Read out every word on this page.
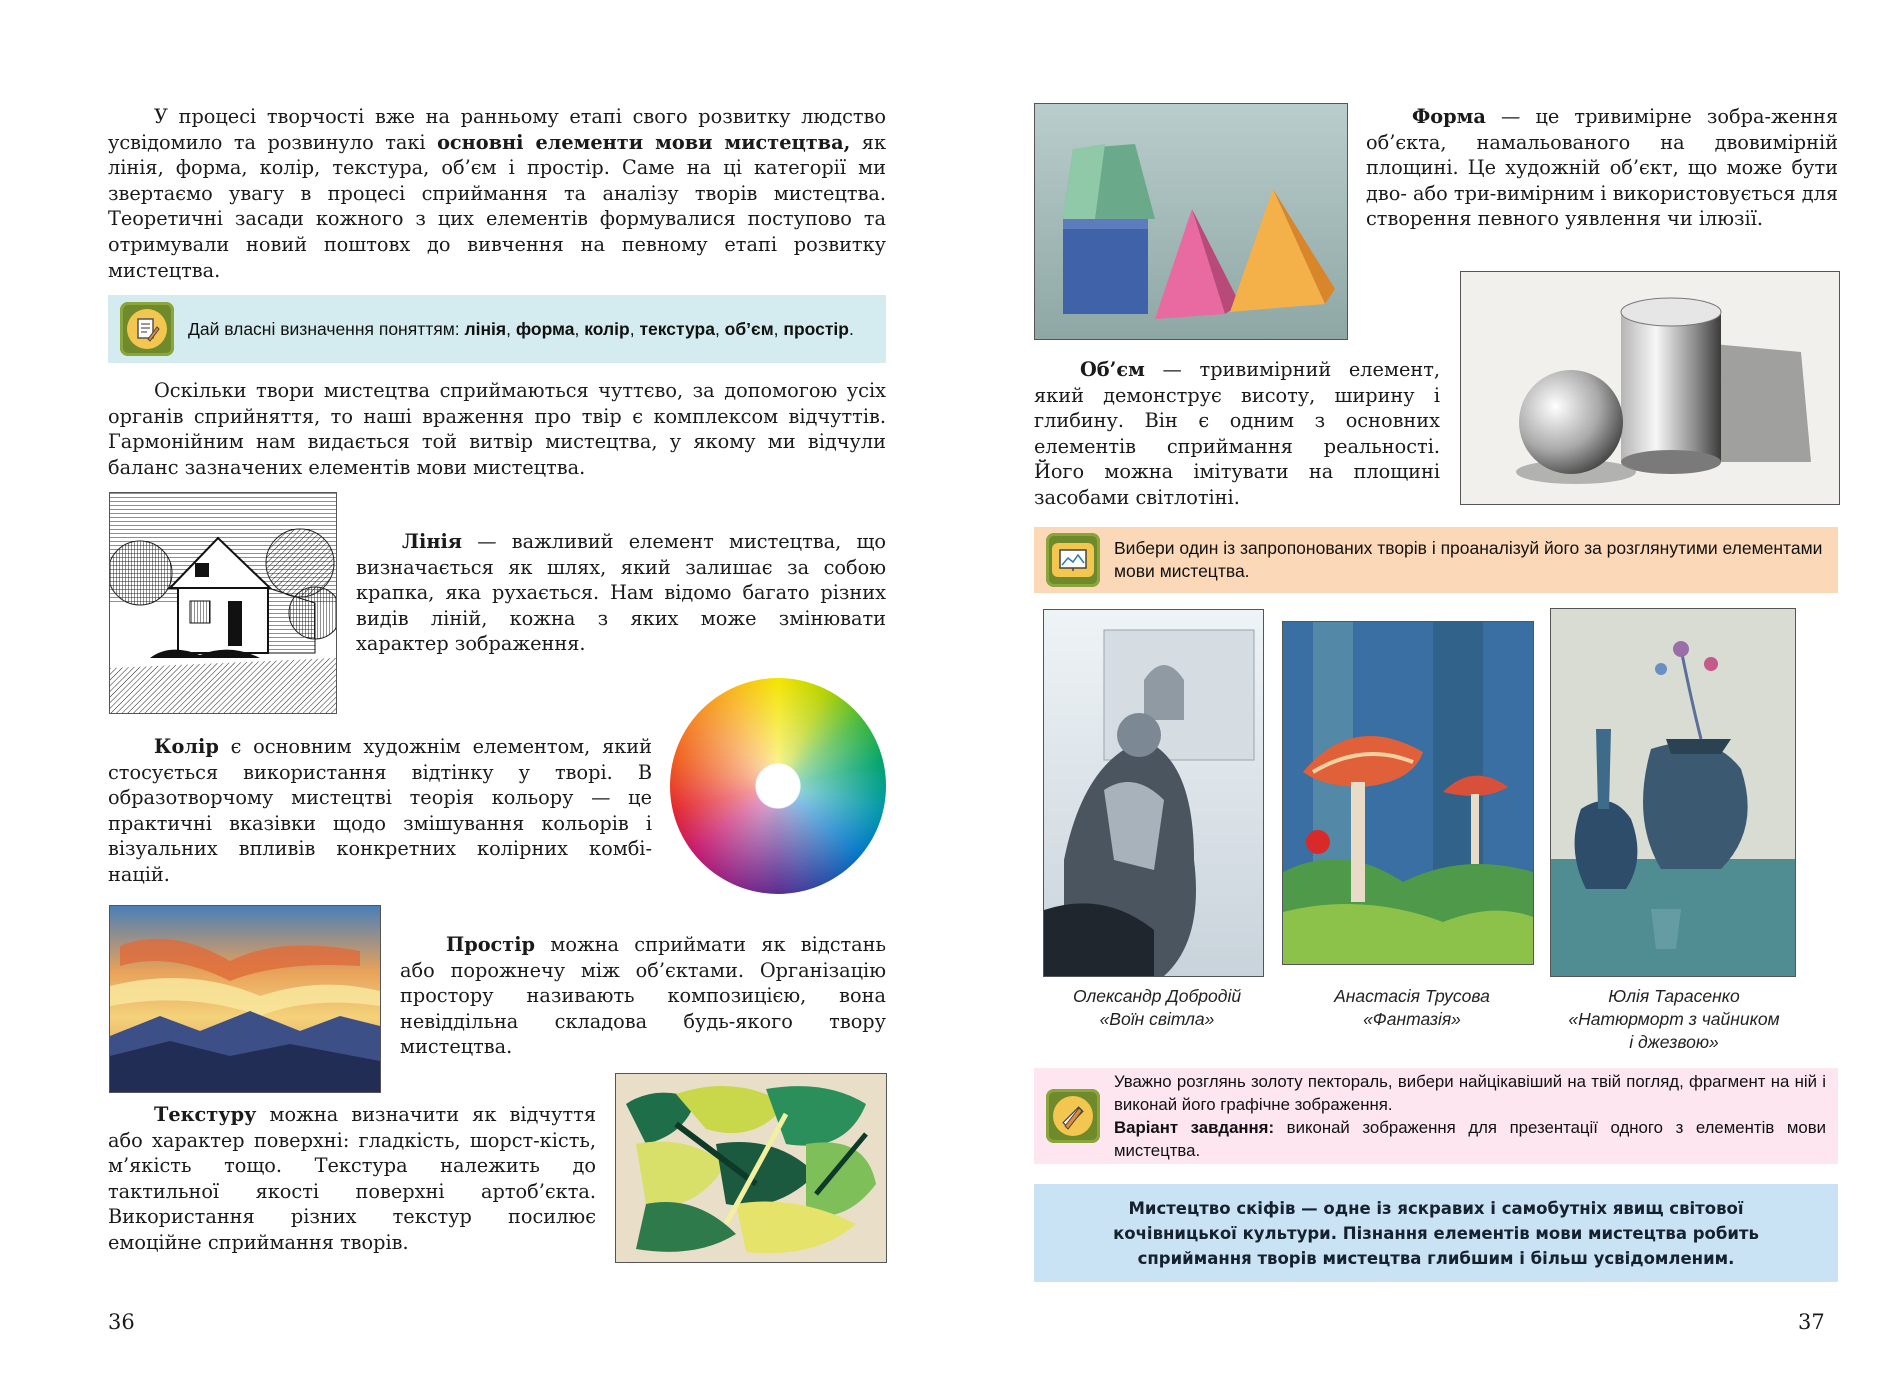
У процесі творчості вже на ранньому етапі свого розвитку людство усвідомило та розвинуло такі основні елементи мови мистецтва, як лінія, форма, колір, текстура, об’єм і простір. Саме на ці категорії ми звертаємо увагу в процесі сприймання та аналізу творів мистецтва. Теоретичні засади кожного з цих елементів формувалися поступово та отримували новий поштовх до вивчення на певному етапі розвитку мистецтва.

Дай власні визначення поняттям: лінія, форма, колір, текстура, об’єм, простір.

Оскільки твори мистецтва сприймаються чуттєво, за допомогою усіх органів сприйняття, то наші враження про твір є комплексом відчуттів. Гармонійним нам видається той витвір мистецтва, у якому ми відчули баланс зазначених елементів мови мистецтва.

Лінія — важливий елемент мистецтва, що визначається як шлях, який залишає за собою крапка, яка рухається. Нам відомо багато різних видів ліній, кожна з яких може змінювати характер зображення.

Колір є основним художнім елементом, який стосується використання відтінку у творі. В образотворчому мистецтві теорія кольору — це практичні вказівки щодо змішування кольорів і візуальних впливів конкретних колірних комбі-націй.

Простір можна сприймати як відстань або порожнечу між об’єктами. Організацію простору називають композицією, вона невіддільна складова будь-якого твору мистецтва.

Текстуру можна визначити як відчуття або характер поверхні: гладкість, шорст-кість, м’якість тощо. Текстура належить до тактильної якості поверхні артоб’єкта. Використання різних текстур посилює емоційне сприймання творів.

36

Форма — це тривимірне зобра-ження об’єкта, намальованого на двовимірній площині. Це художній об’єкт, що може бути дво- або три-вимірним і використовується для створення певного уявлення чи ілюзії.

Об’єм — тривимірний елемент, який демонструє висоту, ширину і глибину. Він є одним з основних елементів сприймання реальності. Його можна імітувати на площині засобами світлотіні.

Вибери один із запропонованих творів і проаналізуй його за розглянутими елементами мови мистецтва.
Олександр Добродій
«Воїн світла»
Анастасія Трусова
«Фантазія»
Юлія Тарасенко
«Натюрморт з чайником
і джезвою»
Уважно розглянь золоту пектораль, вибери найцікавіший на твій погляд, фрагмент на ній і виконай його графічне зображення.
Варіант завдання: виконай зображення для презентації одного з елементів мови мистецтва.
Мистецтво скіфів — одне із яскравих і самобутніх явищ світової
кочівницької культури. Пізнання елементів мови мистецтва робить
сприймання творів мистецтва глибшим і більш усвідомленим.
37
